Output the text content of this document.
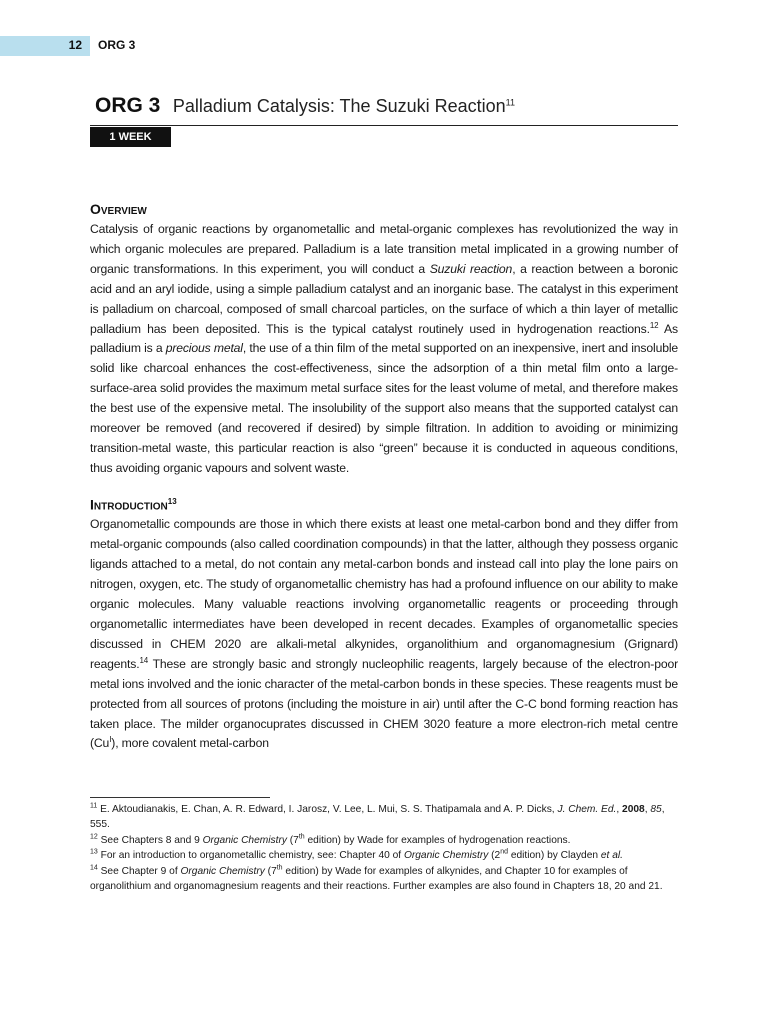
12 ORG 3
ORG 3 Palladium Catalysis: The Suzuki Reaction$^{11}$
1 WEEK
Overview

Catalysis of organic reactions by organometallic and metal-organic complexes has revolutionized the way in which organic molecules are prepared. Palladium is a late transition metal implicated in a growing number of organic transformations. In this experiment, you will conduct a Suzuki reaction, a reaction between a boronic acid and an aryl iodide, using a simple palladium catalyst and an inorganic base. The catalyst in this experiment is palladium on charcoal, composed of small charcoal particles, on the surface of which a thin layer of metallic palladium has been deposited. This is the typical catalyst routinely used in hydrogenation reactions.$^{12}$ As palladium is a precious metal, the use of a thin film of the metal supported on an inexpensive, inert and insoluble solid like charcoal enhances the cost-effectiveness, since the adsorption of a thin metal film onto a large-surface-area solid provides the maximum metal surface sites for the least volume of metal, and therefore makes the best use of the expensive metal. The insolubility of the support also means that the supported catalyst can moreover be removed (and recovered if desired) by simple filtration. In addition to avoiding or minimizing transition-metal waste, this particular reaction is also “green” because it is conducted in aqueous conditions, thus avoiding organic vapours and solvent waste.

Introduction$^{13}$

Organometallic compounds are those in which there exists at least one metal-carbon bond and they differ from metal-organic compounds (also called coordination compounds) in that the latter, although they possess organic ligands attached to a metal, do not contain any metal-carbon bonds and instead call into play the lone pairs on nitrogen, oxygen, etc. The study of organometallic chemistry has had a profound influence on our ability to make organic molecules. Many valuable reactions involving organometallic reagents or proceeding through organometallic intermediates have been developed in recent decades. Examples of organometallic species discussed in CHEM 2020 are alkali-metal alkynides, organolithium and organomagnesium (Grignard) reagents.$^{14}$ These are strongly basic and strongly nucleophilic reagents, largely because of the electron-poor metal ions involved and the ionic character of the metal-carbon bonds in these species. These reagents must be protected from all sources of protons (including the moisture in air) until after the C-C bond forming reaction has taken place. The milder organocuprates discussed in CHEM 3020 feature a more electron-rich metal centre $(Cu^I)$, more covalent metal-carbon

$^{11}$ E. Aktoudianakis, E. Chan, A. R. Edward, I. Jarosz, V. Lee, L. Mui, S. S. Thatipamala and A. P. Dicks, J. Chem. Ed., 2008, 85, 555.

$^{12}$ See Chapters 8 and 9 Organic Chemistry (7th edition) by Wade for examples of hydrogenation reactions.

$^{13}$ For an introduction to organometallic chemistry, see: Chapter 40 of Organic Chemistry (2nd edition) by Clayden et al.

$^{14}$ See Chapter 9 of Organic Chemistry (7th edition) by Wade for examples of alkynides, and Chapter 10 for examples of organolithium and organomagnesium reagents and their reactions. Further examples are also found in Chapters 18, 20 and 21.
